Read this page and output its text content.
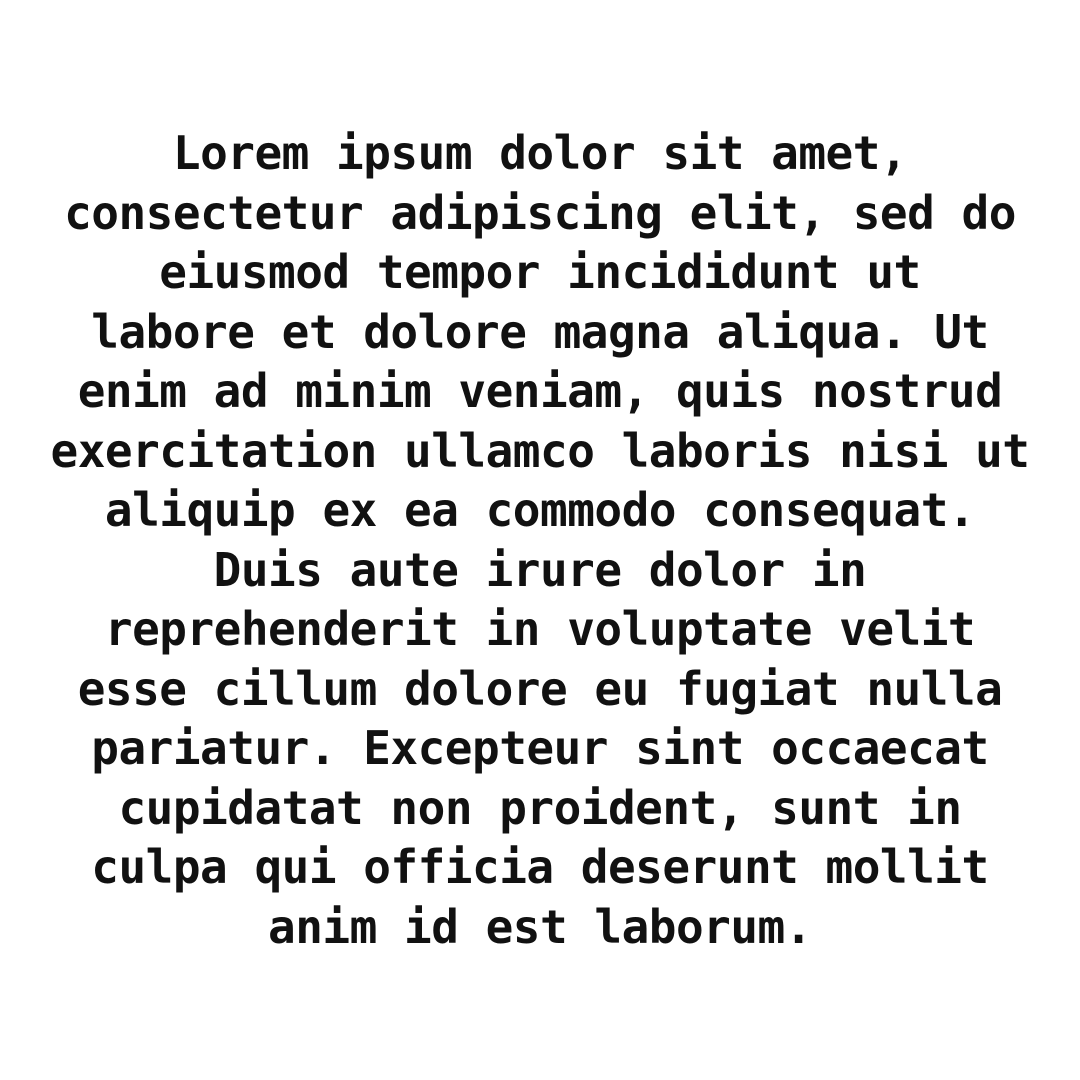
Lorem ipsum dolor sit amet,
consectetur adipiscing elit, sed do
eiusmod tempor incididunt ut
labore et dolore magna aliqua. Ut
enim ad minim veniam, quis nostrud
exercitation ullamco laboris nisi ut
aliquip ex ea commodo consequat.
Duis aute irure dolor in
reprehenderit in voluptate velit
esse cillum dolore eu fugiat nulla
pariatur. Excepteur sint occaecat
cupidatat non proident, sunt in
culpa qui officia deserunt mollit
anim id est laborum.
